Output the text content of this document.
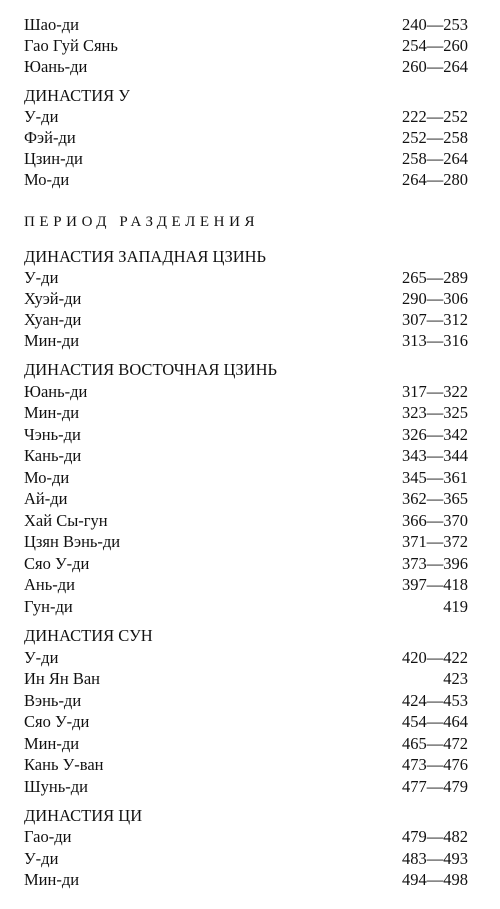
Шао-ди	240—253
Гао Гуй Сянь	254—260
Юань-ди	260—264
ДИНАСТИЯ У
У-ди	222—252
Фэй-ди	252—258
Цзин-ди	258—264
Мо-ди	264—280
ПЕРИОД РАЗДЕЛЕНИЯ
ДИНАСТИЯ ЗАПАДНАЯ ЦЗИНЬ
У-ди	265—289
Хуэй-ди	290—306
Хуан-ди	307—312
Мин-ди	313—316
ДИНАСТИЯ ВОСТОЧНАЯ ЦЗИНЬ
Юань-ди	317—322
Мин-ди	323—325
Чэнь-ди	326—342
Кань-ди	343—344
Мо-ди	345—361
Ай-ди	362—365
Хай Сы-гун	366—370
Цзян Вэнь-ди	371—372
Сяо У-ди	373—396
Ань-ди	397—418
Гун-ди	419
ДИНАСТИЯ СУН
У-ди	420—422
Ин Ян Ван	423
Вэнь-ди	424—453
Сяо У-ди	454—464
Мин-ди	465—472
Кань У-ван	473—476
Шунь-ди	477—479
ДИНАСТИЯ ЦИ
Гао-ди	479—482
У-ди	483—493
Мин-ди	494—498
